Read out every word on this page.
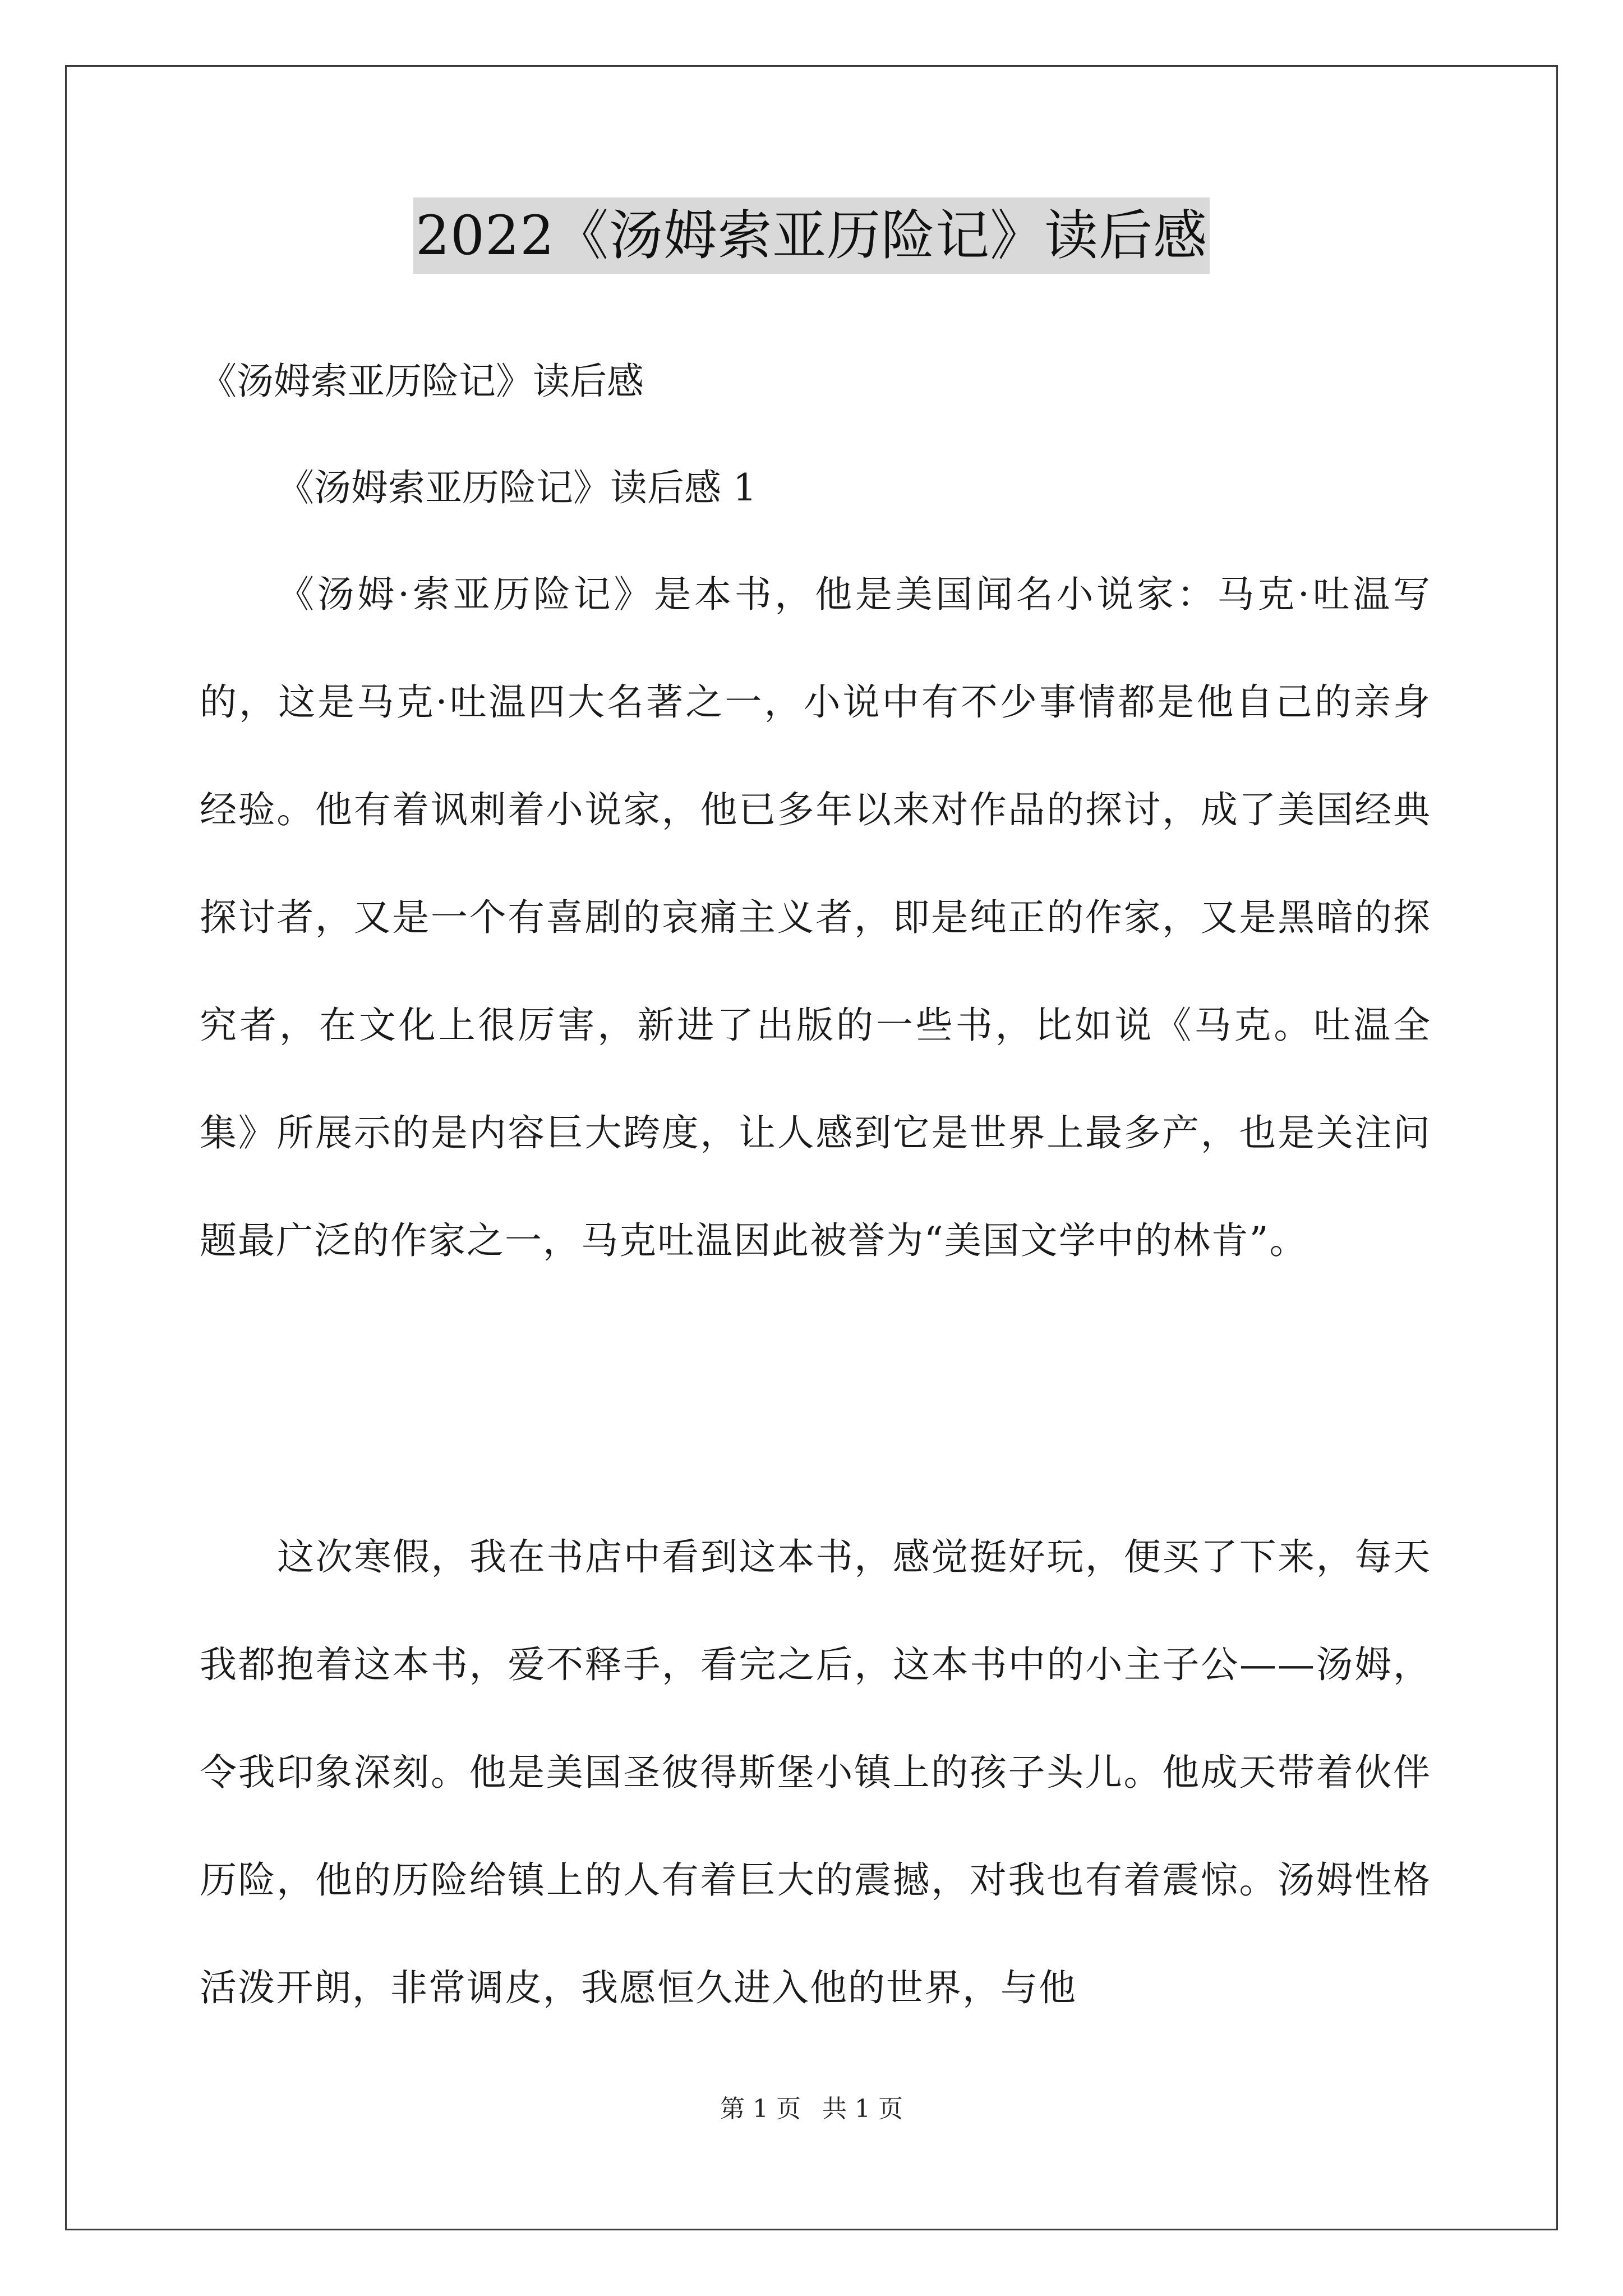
2022《汤姆索亚历险记》读后感
《汤姆索亚历险记》读后感
《汤姆索亚历险记》读后感 1

《汤姆·索亚历险记》是本书，他是美国闻名小说家：马克·吐温写的，这是马克·吐温四大名著之一，小说中有不少事情都是他自己的亲身经验。他有着讽刺着小说家，他已多年以来对作品的探讨，成了美国经典探讨者，又是一个有喜剧的哀痛主义者，即是纯正的作家，又是黑暗的探究者，在文化上很厉害，新进了出版的一些书，比如说《马克。吐温全集》所展示的是内容巨大跨度，让人感到它是世界上最多产，也是关注问题最广泛的作家之一，马克吐温因此被誉为“美国文学中的林肯”。

这次寒假，我在书店中看到这本书，感觉挺好玩，便买了下来，每天我都抱着这本书，爱不释手，看完之后，这本书中的小主子公——汤姆，令我印象深刻。他是美国圣彼得斯堡小镇上的孩子头儿。他成天带着伙伴历险，他的历险给镇上的人有着巨大的震撼，对我也有着震惊。汤姆性格活泼开朗，非常调皮，我愿恒久进入他的世界，与他

第 1 页 共 1 页
